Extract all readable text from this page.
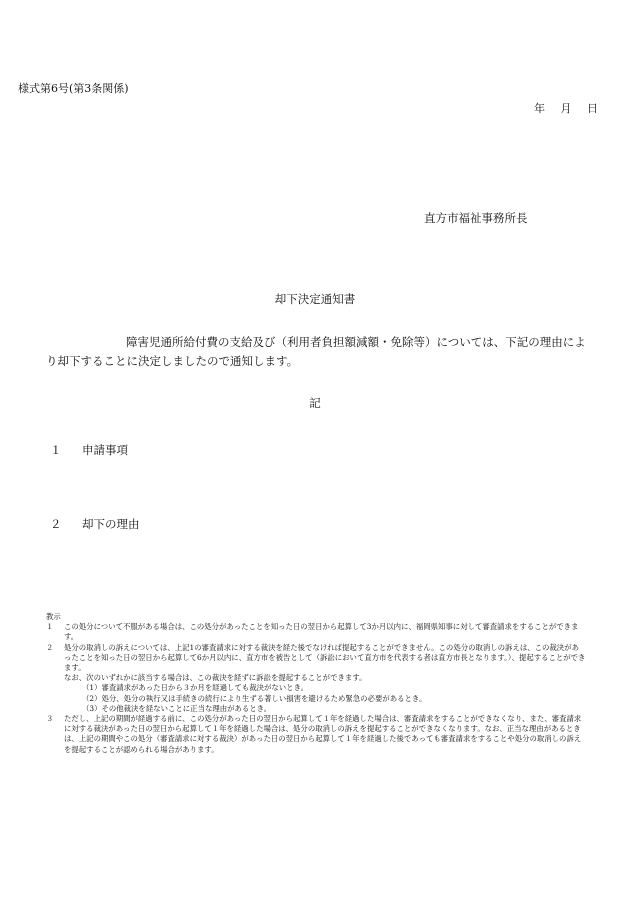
様式第6号(第3条関係)
年 月 日
直方市福祉事務所長
却下決定通知書
障害児通所給付費の支給及び（利用者負担額減額・免除等）については、下記の理由により却下することに決定しましたので通知します。
記
１ 申請事項
２ 却下の理由
教示
１	この処分について不服がある場合は、この処分があったことを知った日の翌日から起算して3か月以内に、福岡県知事に対して審査請求をすることができます。
２	処分の取消しの訴えについては、上記1の審査請求に対する裁決を経た後でなければ提起することができません。この処分の取消しの訴えは、この裁決があったことを知った日の翌日から起算して6か月以内に、直方市を被告として（訴訟において直方市を代表する者は直方市長となります。）、提起することができます。
なお、次のいずれかに該当する場合は、この裁決を経ずに訴訟を提起することができます。
（1）審査請求があった日から３か月を経過しても裁決がないとき。
（2）処分、処分の執行又は手続きの続行により生ずる著しい損害を避けるため緊急の必要があるとき。
（3）その他裁決を経ないことに正当な理由があるとき。
３	ただし、上記の期間が経過する前に、この処分があった日の翌日から起算して１年を経過した場合は、審査請求をすることができなくなり、また、審査請求に対する裁決があった日の翌日から起算して１年を経過した場合は、処分の取消しの訴えを提起することができなくなります。なお、正当な理由があるときは、上記の期間やこの処分（審査請求に対する裁決）があった日の翌日から起算して１年を経過した後であっても審査請求をすることや処分の取消しの訴えを提起することが認められる場合があります。
